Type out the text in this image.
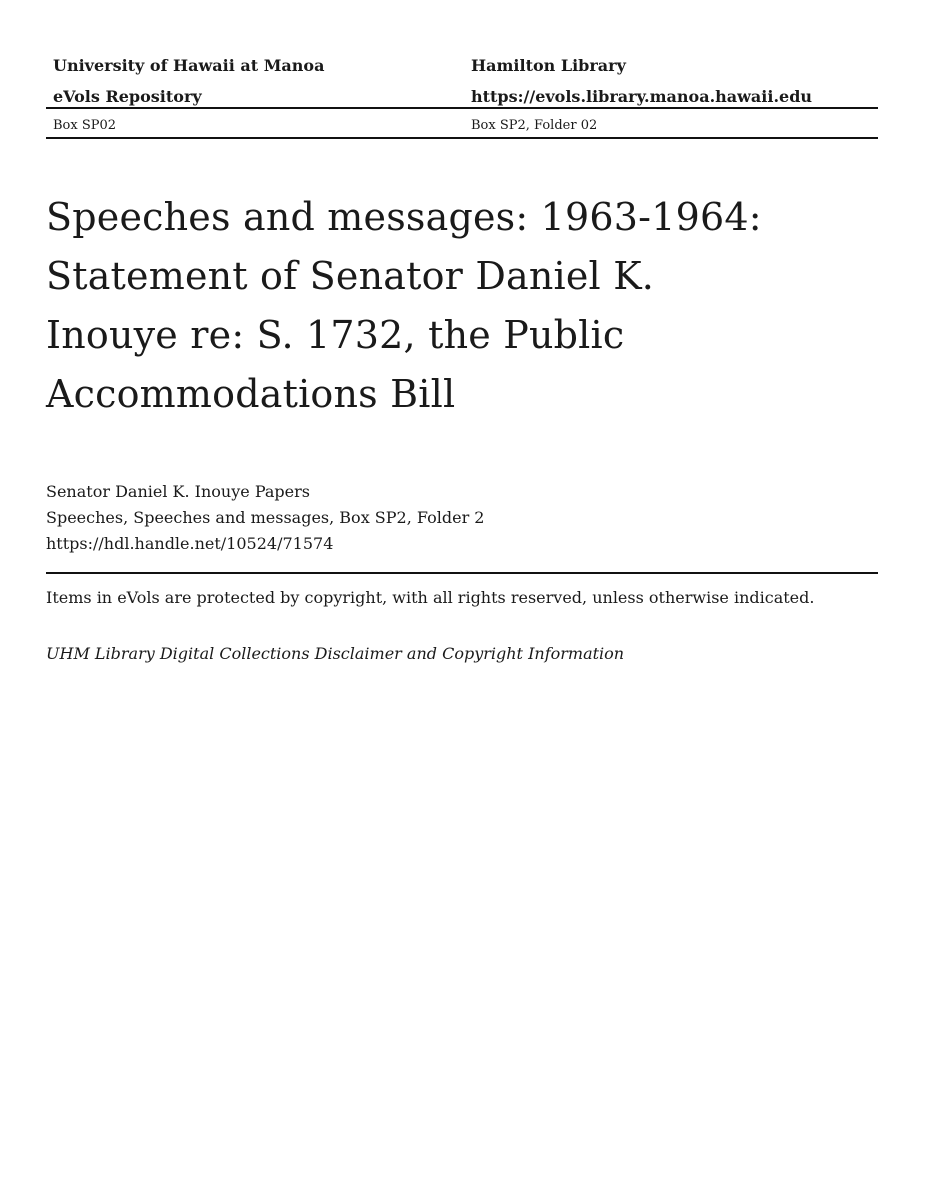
University of Hawaii at Manoa	Hamilton Library
eVols Repository	https://evols.library.manoa.hawaii.edu
Box SP02	Box SP2, Folder 02
Speeches and messages: 1963-1964:
Statement of Senator Daniel K.
Inouye re: S. 1732, the Public
Accommodations Bill
Senator Daniel K. Inouye Papers
Speeches, Speeches and messages, Box SP2, Folder 2
https://hdl.handle.net/10524/71574
Items in eVols are protected by copyright, with all rights reserved, unless otherwise indicated.
UHM Library Digital Collections Disclaimer and Copyright Information
